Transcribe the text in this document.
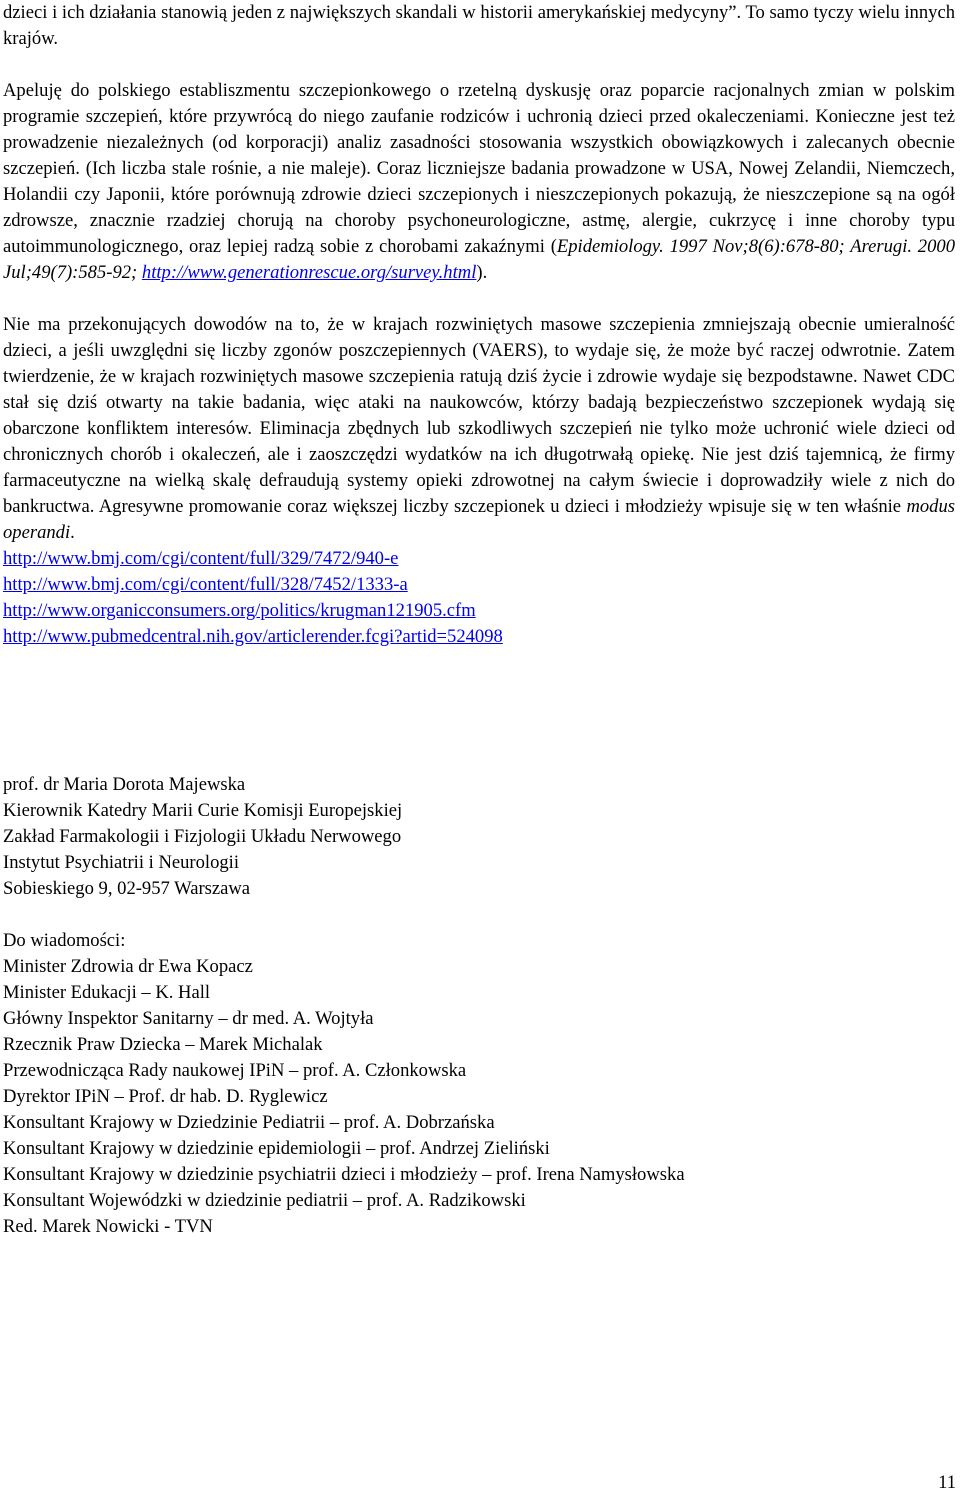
dzieci i ich działania stanowią jeden z największych skandali w historii amerykańskiej medycyny”. To samo tyczy wielu innych krajów.

Apeluję do polskiego establiszmentu szczepionkowego o rzetelną dyskusję oraz poparcie racjonalnych zmian w polskim programie szczepień, które przywrócą do niego zaufanie rodziców i uchronią dzieci przed okaleczeniami. Konieczne jest też prowadzenie niezależnych (od korporacji) analiz zasadności stosowania wszystkich obowiązkowych i zalecanych obecnie szczepień. (Ich liczba stale rośnie, a nie maleje). Coraz liczniejsze badania prowadzone w USA, Nowej Zelandii, Niemczech, Holandii czy Japonii, które porównują zdrowie dzieci szczepionych i nieszczepionych pokazują, że nieszczepione są na ogół zdrowsze, znacznie rzadziej chorują na choroby psychoneurologiczne, astmę, alergie, cukrzycę i inne choroby typu autoimmunologicznego, oraz lepiej radzą sobie z chorobami zakaźnymi (Epidemiology. 1997 Nov;8(6):678-80; Arerugi. 2000 Jul;49(7):585-92; http://www.generationrescue.org/survey.html).

Nie ma przekonujących dowodów na to, że w krajach rozwiniętych masowe szczepienia zmniejszają obecnie umieralność dzieci, a jeśli uwzględni się liczby zgonów poszczepiennych (VAERS), to wydaje się, że może być raczej odwrotnie. Zatem twierdzenie, że w krajach rozwiniętych masowe szczepienia ratują dziś życie i zdrowie wydaje się bezpodstawne. Nawet CDC stał się dziś otwarty na takie badania, więc ataki na naukowców, którzy badają bezpieczeństwo szczepionek wydają się obarczone konfliktem interesów. Eliminacja zbędnych lub szkodliwych szczepień nie tylko może uchronić wiele dzieci od chronicznych chorób i okaleczeń, ale i zaoszczędzi wydatków na ich długotrwałą opiekę. Nie jest dziś tajemnicą, że firmy farmaceutyczne na wielką skalę defraudują systemy opieki zdrowotnej na całym świecie i doprowadziły wiele z nich do bankructwa. Agresywne promowanie coraz większej liczby szczepionek u dzieci i młodzieży wpisuje się w ten właśnie modus operandi.

http://www.bmj.com/cgi/content/full/329/7472/940-e
http://www.bmj.com/cgi/content/full/328/7452/1333-a
http://www.organicconsumers.org/politics/krugman121905.cfm
http://www.pubmedcentral.nih.gov/articlerender.fcgi?artid=524098
prof. dr Maria Dorota Majewska
Kierownik Katedry Marii Curie Komisji Europejskiej
Zakład Farmakologii i Fizjologii Układu Nerwowego
Instytut Psychiatrii i Neurologii
Sobieskiego 9, 02-957 Warszawa
Do wiadomości:
Minister Zdrowia dr Ewa Kopacz
Minister Edukacji – K. Hall
Główny Inspektor Sanitarny – dr med. A. Wojtyła
Rzecznik Praw Dziecka – Marek Michalak
Przewodnicząca Rady naukowej IPiN – prof. A. Członkowska
Dyrektor IPiN – Prof. dr hab. D. Ryglewicz
Konsultant Krajowy w Dziedzinie Pediatrii – prof. A. Dobrzańska
Konsultant Krajowy w dziedzinie epidemiologii – prof. Andrzej Zieliński
Konsultant Krajowy w dziedzinie psychiatrii dzieci i młodzieży – prof. Irena Namysłowska
Konsultant Wojewódzki w dziedzinie pediatrii – prof. A. Radzikowski
Red. Marek Nowicki - TVN
11
